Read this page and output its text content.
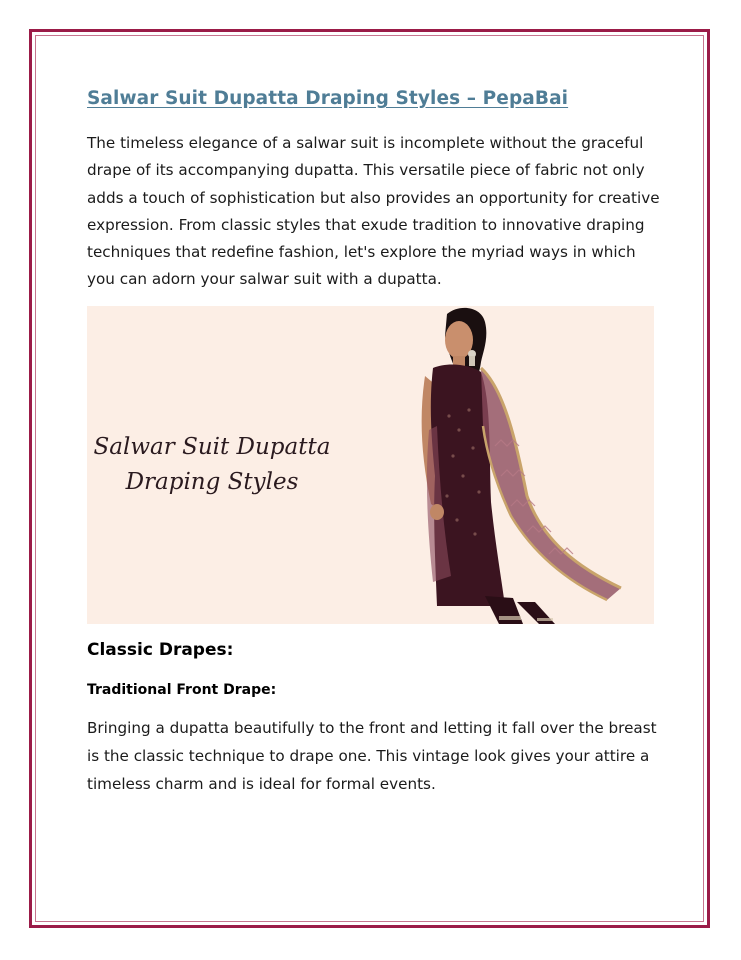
Salwar Suit Dupatta Draping Styles – PepaBai

The timeless elegance of a salwar suit is incomplete without the graceful drape of its accompanying dupatta. This versatile piece of fabric not only adds a touch of sophistication but also provides an opportunity for creative expression. From classic styles that exude tradition to innovative draping techniques that redefine fashion, let's explore the myriad ways in which you can adorn your salwar suit with a dupatta.

Salwar Suit Dupatta
Draping Styles
Classic Drapes:
Traditional Front Drape:

Bringing a dupatta beautifully to the front and letting it fall over the breast is the classic technique to drape one. This vintage look gives your attire a timeless charm and is ideal for formal events.
